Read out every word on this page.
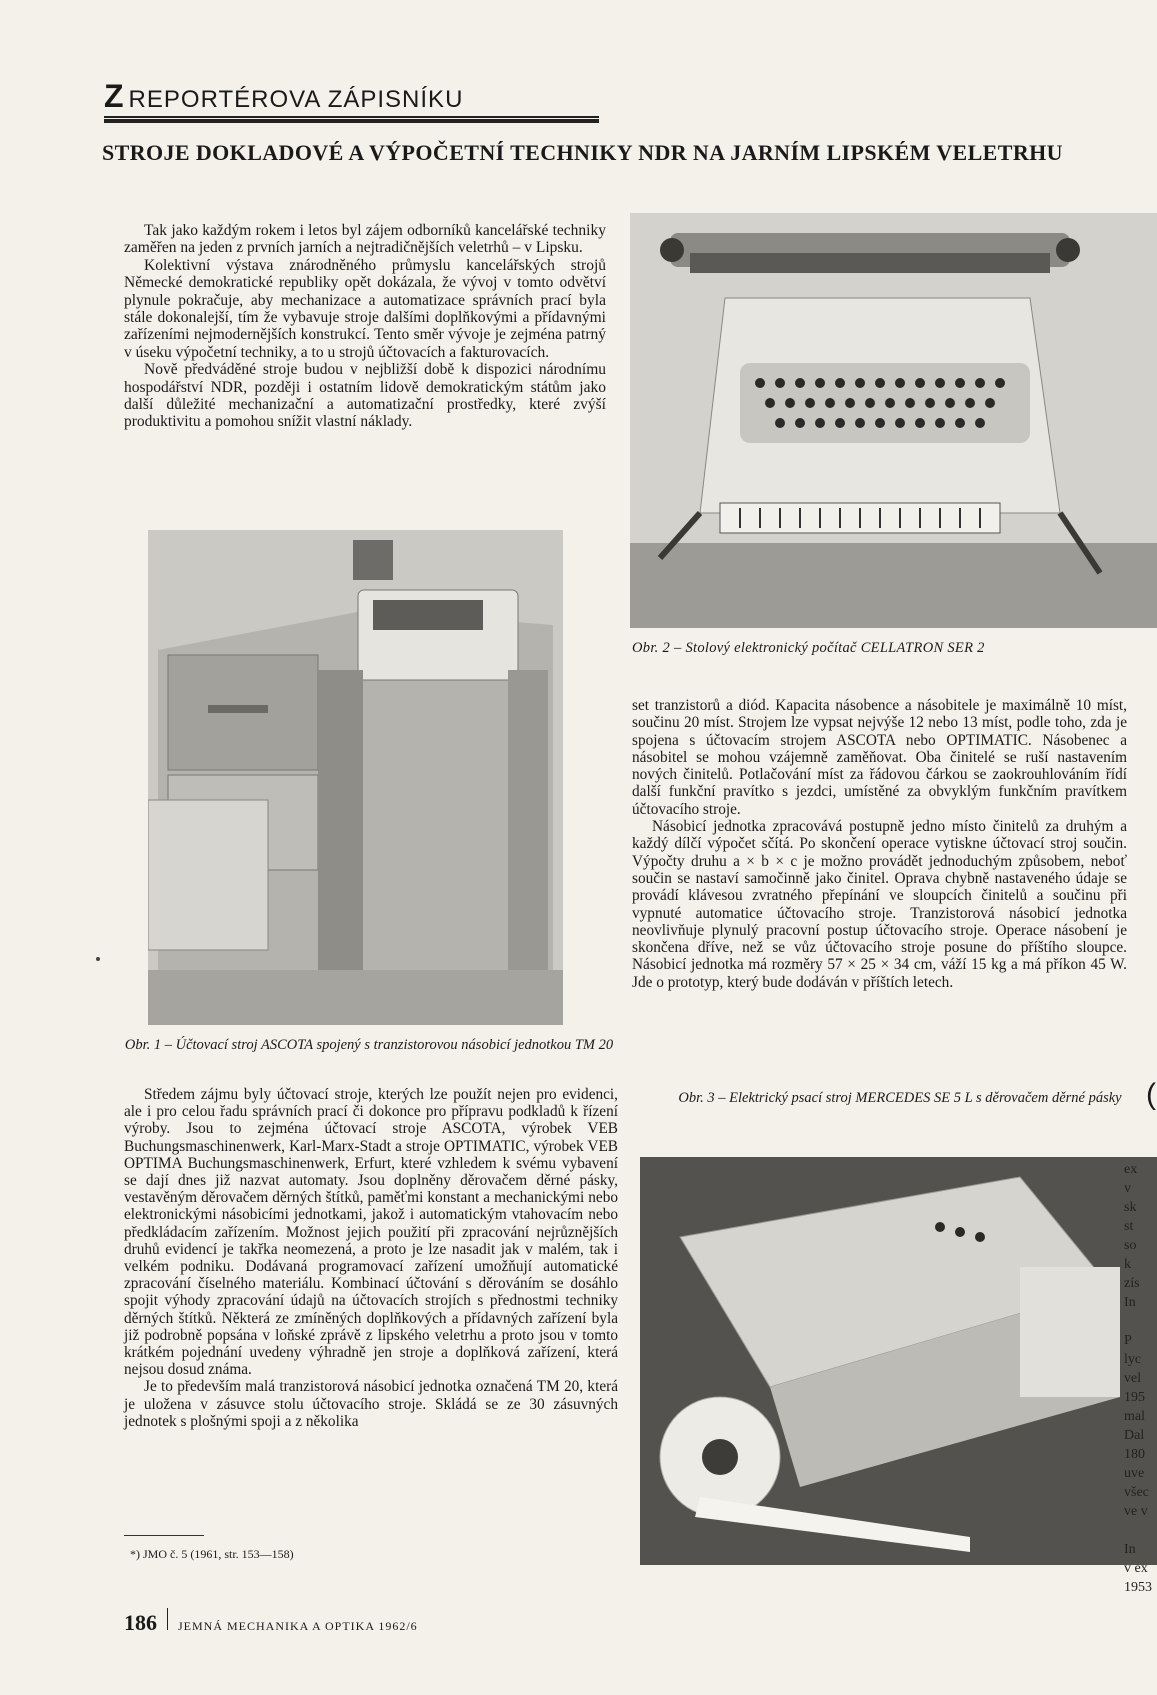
Z REPORTÉROVA ZÁPISNÍKU
STROJE DOKLADOVÉ A VÝPOČETNÍ TECHNIKY NDR NA JARNÍM LIPSKÉM VELETRHU

Tak jako každým rokem i letos byl zájem odborníků kancelářské techniky zaměřen na jeden z prvních jarních a nejtradičnějších veletrhů – v Lipsku.

Kolektivní výstava znárodněného průmyslu kancelářských strojů Německé demokratické republiky opět dokázala, že vývoj v tomto odvětví plynule pokračuje, aby mechanizace a automatizace správních prací byla stále dokonalejší, tím že vybavuje stroje dalšími doplňkovými a přídavnými zařízeními nejmodernějších konstrukcí. Tento směr vývoje je zejména patrný v úseku výpočetní techniky, a to u strojů účtovacích a fakturovacích.

Nově předváděné stroje budou v nejbližší době k dispozici národnímu hospodářství NDR, později i ostatním lidově demokratickým státům jako další důležité mechanizační a automatizační prostředky, které zvýší produktivitu a pomohou snížit vlastní náklady.

Obr. 2 – Stolový elektronický počítač CELLATRON SER 2
Obr. 1 – Účtovací stroj ASCOTA spojený s tranzistorovou násobicí jednotkou TM 20

set tranzistorů a diód. Kapacita násobence a násobitele je maximálně 10 míst, součinu 20 míst. Strojem lze vypsat nejvýše 12 nebo 13 míst, podle toho, zda je spojena s účtovacím strojem ASCOTA nebo OPTIMATIC. Násobenec a násobitel se mohou vzájemně zaměňovat. Oba činitelé se ruší nastavením nových činitelů. Potlačování míst za řádovou čárkou se zaokrouhlováním řídí další funkční pravítko s jezdci, umístěné za obvyklým funkčním pravítkem účtovacího stroje.

Násobicí jednotka zpracovává postupně jedno místo činitelů za druhým a každý dílčí výpočet sčítá. Po skončení operace vytiskne účtovací stroj součin. Výpočty druhu a × b × c je možno provádět jednoduchým způsobem, neboť součin se nastaví samočinně jako činitel. Oprava chybně nastaveného údaje se provádí klávesou zvratného přepínání ve sloupcích činitelů a součinu při vypnuté automatice účtovacího stroje. Tranzistorová násobicí jednotka neovlivňuje plynulý pracovní postup účtovacího stroje. Operace násobení je skončena dříve, než se vůz účtovacího stroje posune do příštího sloupce. Násobicí jednotka má rozměry 57 × 25 × 34 cm, váží 15 kg a má příkon 45 W. Jde o prototyp, který bude dodáván v příštích letech.

Obr. 3 – Elektrický psací stroj MERCEDES SE 5 L s děrovačem děrné pásky

Středem zájmu byly účtovací stroje, kterých lze použít nejen pro evidenci, ale i pro celou řadu správních prací či dokonce pro přípravu podkladů k řízení výroby. Jsou to zejména účtovací stroje ASCOTA, výrobek VEB Buchungsmaschinenwerk, Karl-Marx-Stadt a stroje OPTIMATIC, výrobek VEB OPTIMA Buchungsmaschinenwerk, Erfurt, které vzhledem k svému vybavení se dají dnes již nazvat automaty. Jsou doplněny děrovačem děrné pásky, vestavěným děrovačem děrných štítků, paměťmi konstant a mechanickými nebo elektronickými násobicími jednotkami, jakož i automatickým vtahovacím nebo předkládacím zařízením. Možnost jejich použití při zpracování nejrůznějších druhů evidencí je takřka neomezená, a proto je lze nasadit jak v malém, tak i velkém podniku. Dodávaná programovací zařízení umožňují automatické zpracování číselného materiálu. Kombinací účtování s děrováním se dosáhlo spojit výhody zpracování údajů na účtovacích strojích s přednostmi techniky děrných štítků. Některá ze zmíněných doplňkových a přídavných zařízení byla již podrobně popsána v loňské zprávě z lipského veletrhu a proto jsou v tomto krátkém pojednání uvedeny výhradně jen stroje a doplňková zařízení, která nejsou dosud známa.

Je to především malá tranzistorová násobicí jednotka označená TM 20, která je uložena v zásuvce stolu účtovacího stroje. Skládá se ze 30 zásuvných jednotek s plošnými spoji a z několika

*) JMO č. 5 (1961, str. 153—158)
186 JEMNÁ MECHANIKA A OPTIKA 1962/6
(
ex
v
sk
st
so
k
zís
In

P
lyc
vel
195
mal
Dal
180
uve
všec
ve v

In
v ex
1953
